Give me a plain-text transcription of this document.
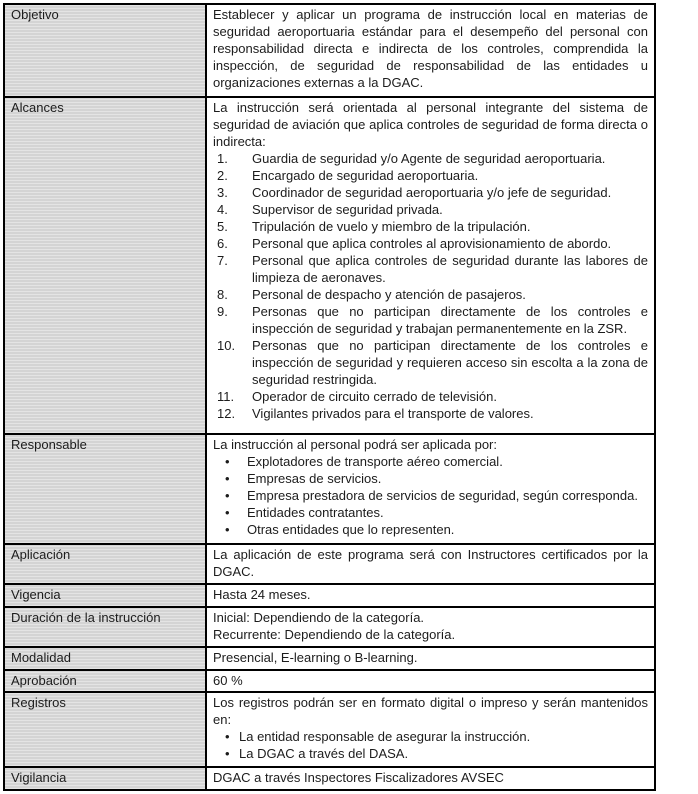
Objetivo	Establecer y aplicar un programa de instrucción local en materias de seguridad aeroportuaria estándar para el desempeño del personal con responsabilidad directa e indirecta de los controles, comprendida la inspección, de seguridad de responsabilidad de las entidades u organizaciones externas a la DGAC.
Alcances	La instrucción será orientada al personal integrante del sistema de seguridad de aviación que aplica controles de seguridad de forma directa o indirecta:

Guardia de seguridad y/o Agente de seguridad aeroportuaria.
Encargado de seguridad aeroportuaria.
Coordinador de seguridad aeroportuaria y/o jefe de seguridad.
Supervisor de seguridad privada.
Tripulación de vuelo y miembro de la tripulación.
Personal que aplica controles al aprovisionamiento de abordo.
Personal que aplica controles de seguridad durante las labores de limpieza de aeronaves.
Personal de despacho y atención de pasajeros.
Personas que no participan directamente de los controles e inspección de seguridad y trabajan permanentemente en la ZSR.
Personas que no participan directamente de los controles e inspección de seguridad y requieren acceso sin escolta a la zona de seguridad restringida.
Operador de circuito cerrado de televisión.
Vigilantes privados para el transporte de valores.

Responsable	La instrucción al personal podrá ser aplicada por:

• Explotadores de transporte aéreo comercial.
• Empresas de servicios.
• Empresa prestadora de servicios de seguridad, según corresponda.
• Entidades contratantes.
• Otras entidades que lo representen.

Aplicación	La aplicación de este programa será con Instructores certificados por la DGAC.
Vigencia	Hasta 24 meses.
Duración de la instrucción	Inicial: Dependiendo de la categoría.

Recurrente: Dependiendo de la categoría.

Modalidad	Presencial, E-learning o B-learning.
Aprobación	60 %
Registros	Los registros podrán ser en formato digital o impreso y serán mantenidos en:

• La entidad responsable de asegurar la instrucción.
• La DGAC a través del DASA.

Vigilancia	DGAC a través Inspectores Fiscalizadores AVSEC
